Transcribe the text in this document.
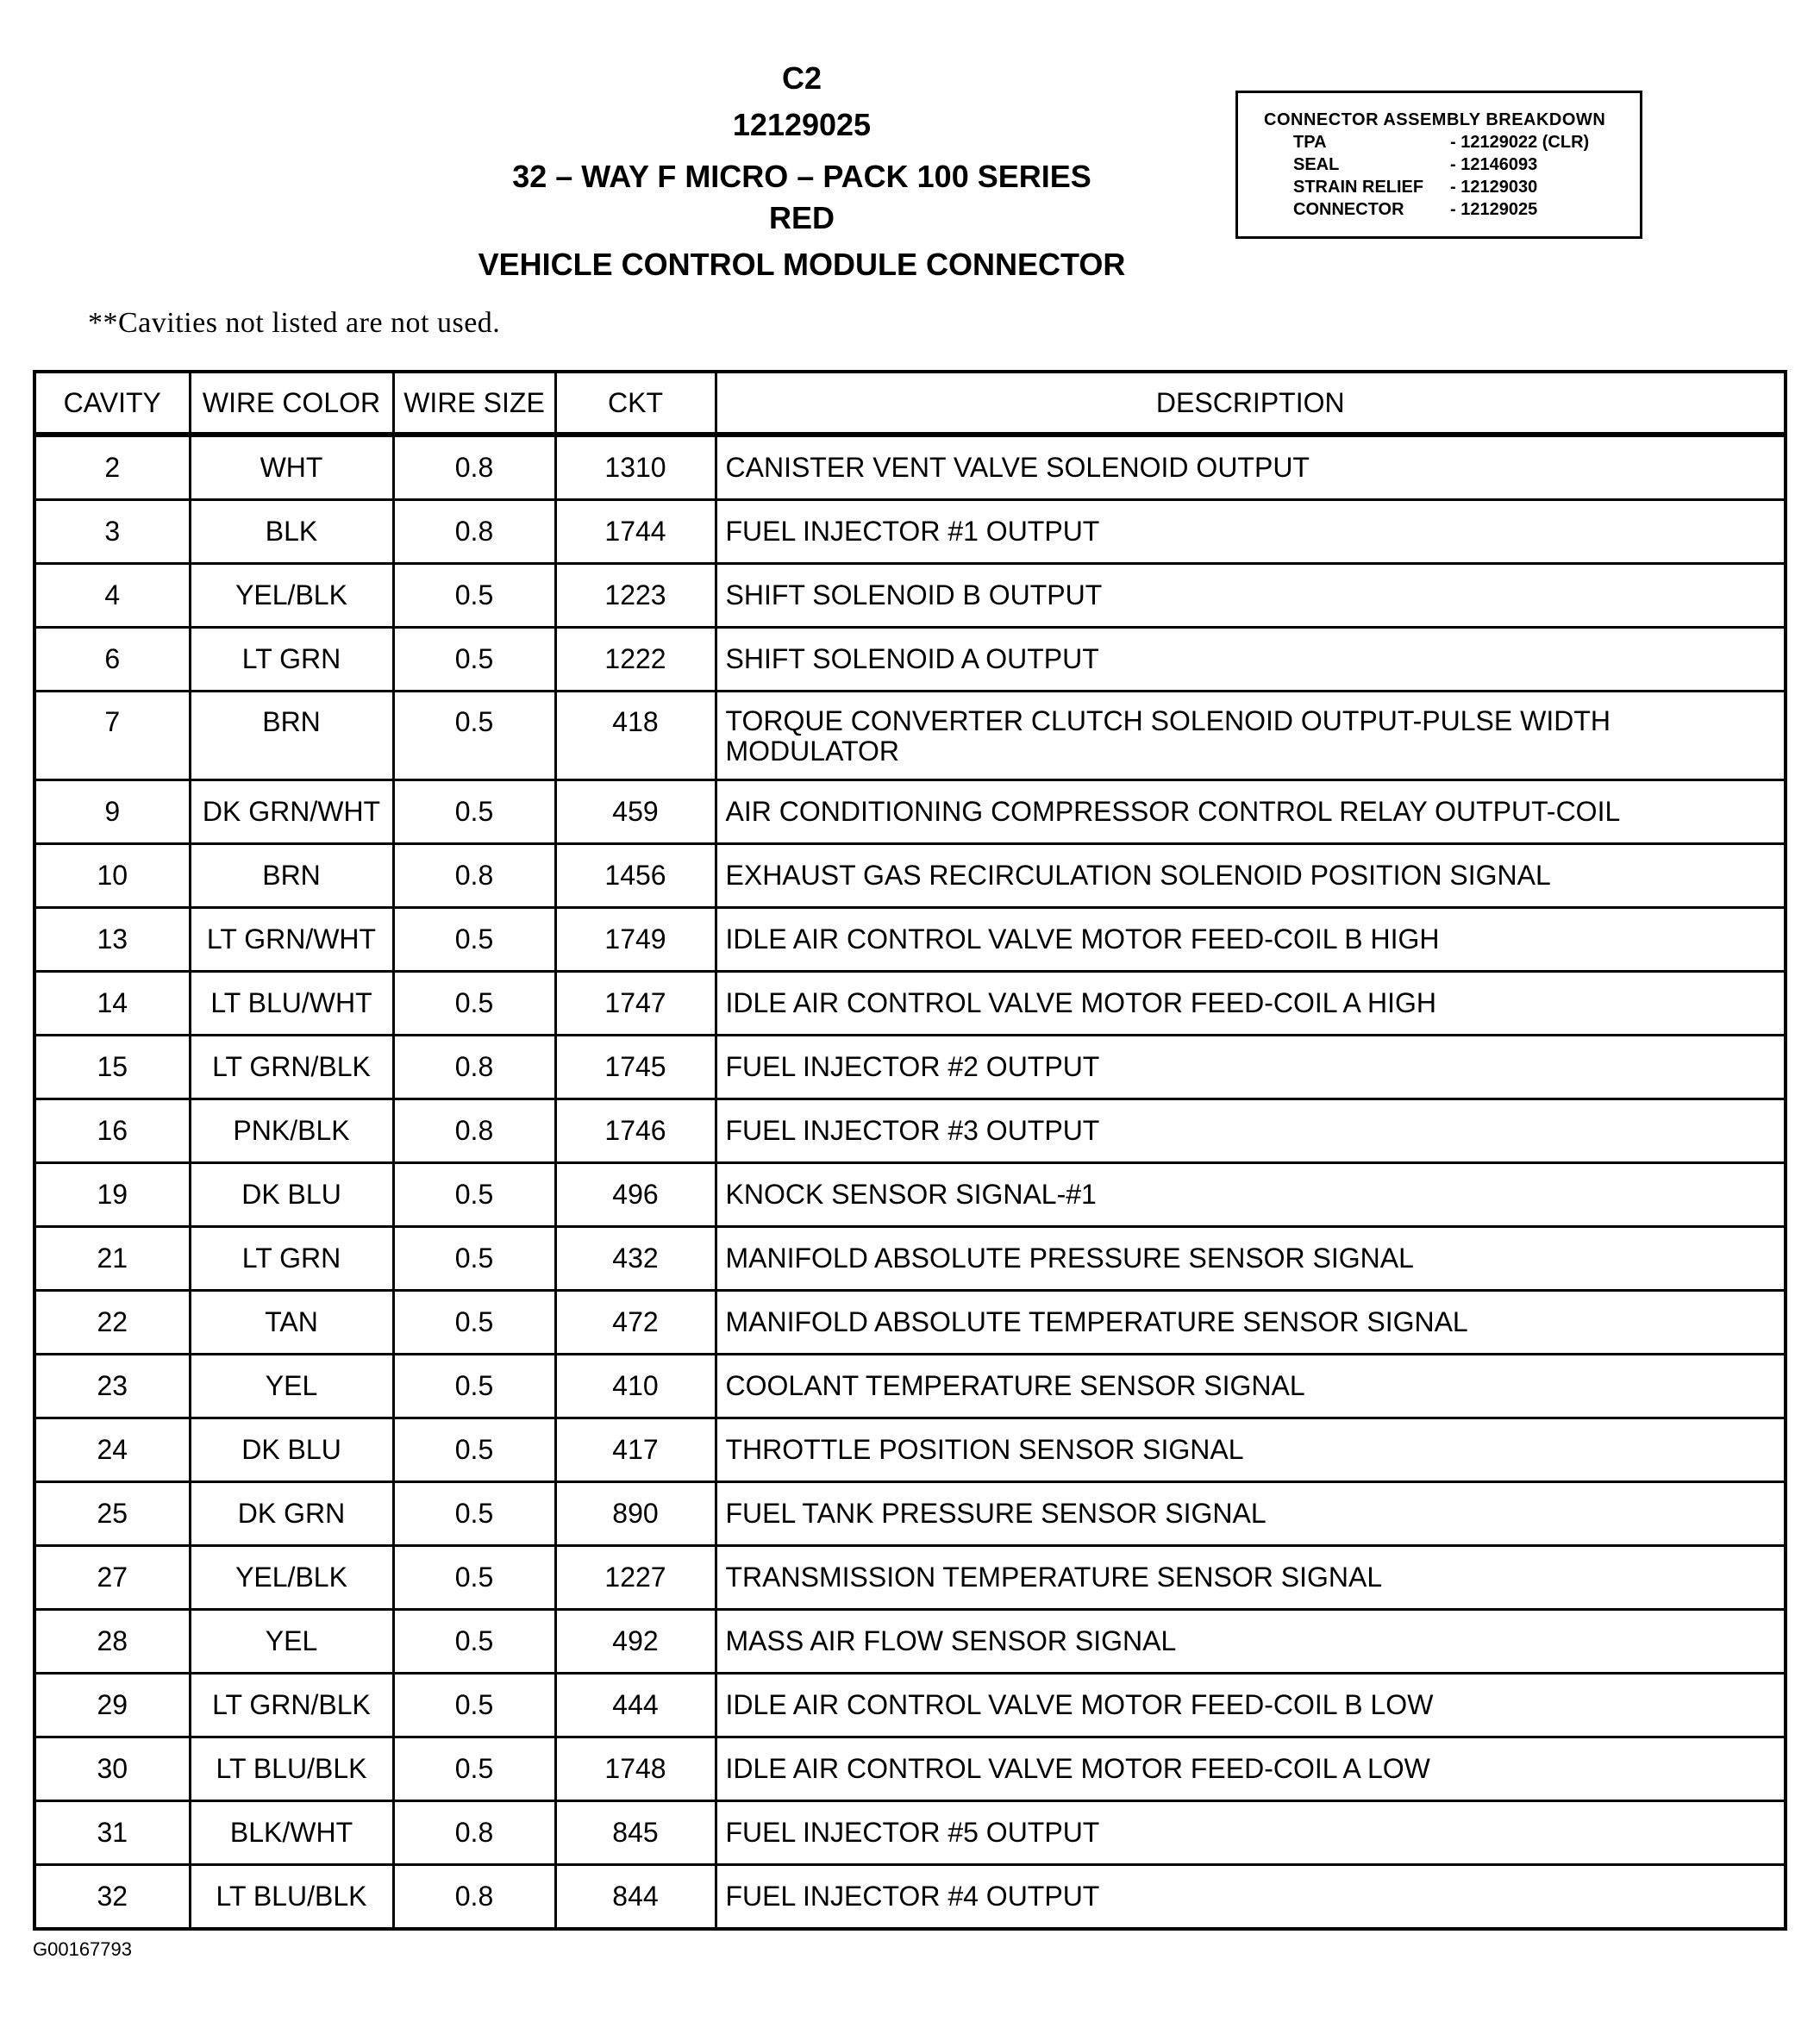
C2
12129025
32 – WAY F MICRO – PACK 100 SERIES
RED
VEHICLE CONTROL MODULE CONNECTOR
CONNECTOR ASSEMBLY BREAKDOWN
TPA	- 12129022 (CLR)
SEAL	- 12146093
STRAIN RELIEF	- 12129030
CONNECTOR	- 12129025
**Cavities not listed are not used.
CAVITY	WIRE COLOR	WIRE SIZE	CKT	DESCRIPTION
2	WHT	0.8	1310	CANISTER VENT VALVE SOLENOID OUTPUT
3	BLK	0.8	1744	FUEL INJECTOR #1 OUTPUT
4	YEL/BLK	0.5	1223	SHIFT SOLENOID B OUTPUT
6	LT GRN	0.5	1222	SHIFT SOLENOID A OUTPUT
7	BRN	0.5	418	TORQUE CONVERTER CLUTCH SOLENOID OUTPUT-PULSE WIDTH MODULATOR
9	DK GRN/WHT	0.5	459	AIR CONDITIONING COMPRESSOR CONTROL RELAY OUTPUT-COIL
10	BRN	0.8	1456	EXHAUST GAS RECIRCULATION SOLENOID POSITION SIGNAL
13	LT GRN/WHT	0.5	1749	IDLE AIR CONTROL VALVE MOTOR FEED-COIL B HIGH
14	LT BLU/WHT	0.5	1747	IDLE AIR CONTROL VALVE MOTOR FEED-COIL A HIGH
15	LT GRN/BLK	0.8	1745	FUEL INJECTOR #2 OUTPUT
16	PNK/BLK	0.8	1746	FUEL INJECTOR #3 OUTPUT
19	DK BLU	0.5	496	KNOCK SENSOR SIGNAL-#1
21	LT GRN	0.5	432	MANIFOLD ABSOLUTE PRESSURE SENSOR SIGNAL
22	TAN	0.5	472	MANIFOLD ABSOLUTE TEMPERATURE SENSOR SIGNAL
23	YEL	0.5	410	COOLANT TEMPERATURE SENSOR SIGNAL
24	DK BLU	0.5	417	THROTTLE POSITION SENSOR SIGNAL
25	DK GRN	0.5	890	FUEL TANK PRESSURE SENSOR SIGNAL
27	YEL/BLK	0.5	1227	TRANSMISSION TEMPERATURE SENSOR SIGNAL
28	YEL	0.5	492	MASS AIR FLOW SENSOR SIGNAL
29	LT GRN/BLK	0.5	444	IDLE AIR CONTROL VALVE MOTOR FEED-COIL B LOW
30	LT BLU/BLK	0.5	1748	IDLE AIR CONTROL VALVE MOTOR FEED-COIL A LOW
31	BLK/WHT	0.8	845	FUEL INJECTOR #5 OUTPUT
32	LT BLU/BLK	0.8	844	FUEL INJECTOR #4 OUTPUT
G00167793
